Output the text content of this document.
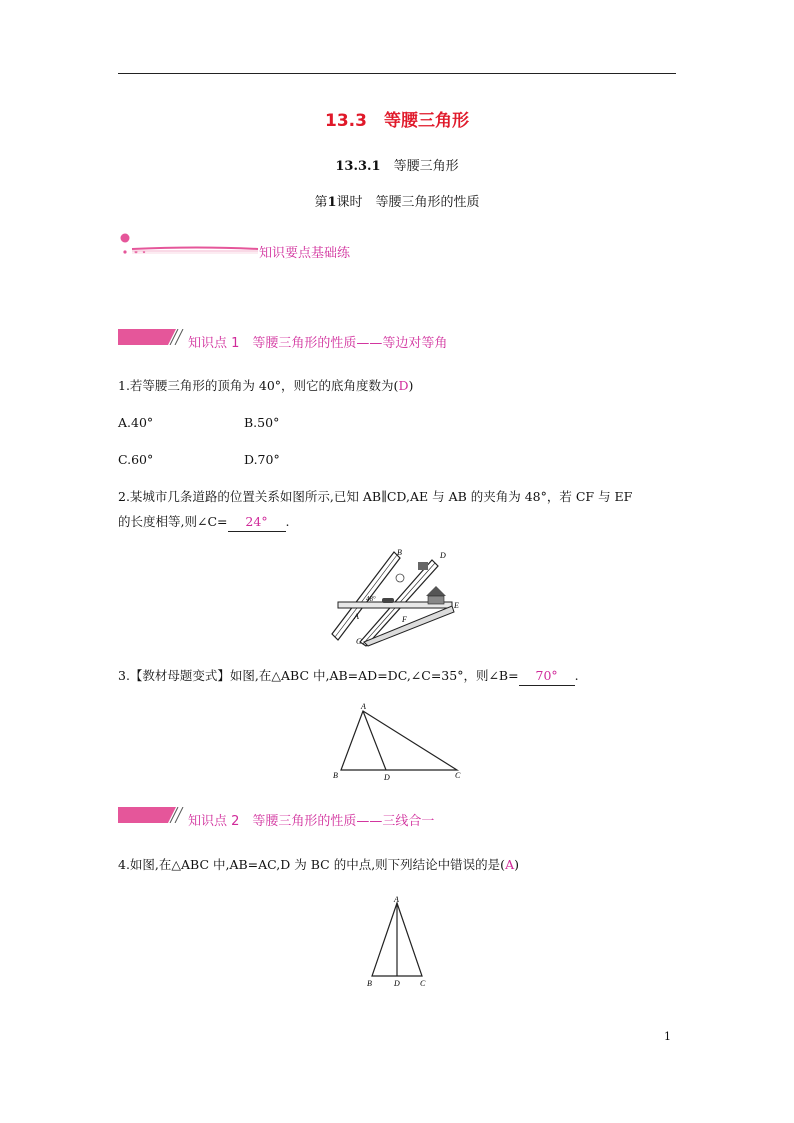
13.3　等腰三角形
13.3.1　 等腰三角形
第1课时　等腰三角形的性质
知识要点基础练
知识点 1　等腰三角形的性质——等边对等角
1.若等腰三角形的顶角为 40°，则它的底角度数为(D)
A.40°	B.50°
C.60°	D.70°
2.某城市几条道路的位置关系如图所示,已知 AB∥CD,AE 与 AB 的夹角为 48°，若 CF 与 EF
的长度相等,则∠C= 24° .
B	D
A
E
C
F
48°
3.【教材母题变式】如图,在△ABC 中,AB=AD=DC,∠C=35°，则∠B= 70° .
A
B	D	C
知识点 2　等腰三角形的性质——三线合一
4.如图,在△ABC 中,AB=AC,D 为 BC 的中点,则下列结论中错误的是(A)
A
B	D	C
1
